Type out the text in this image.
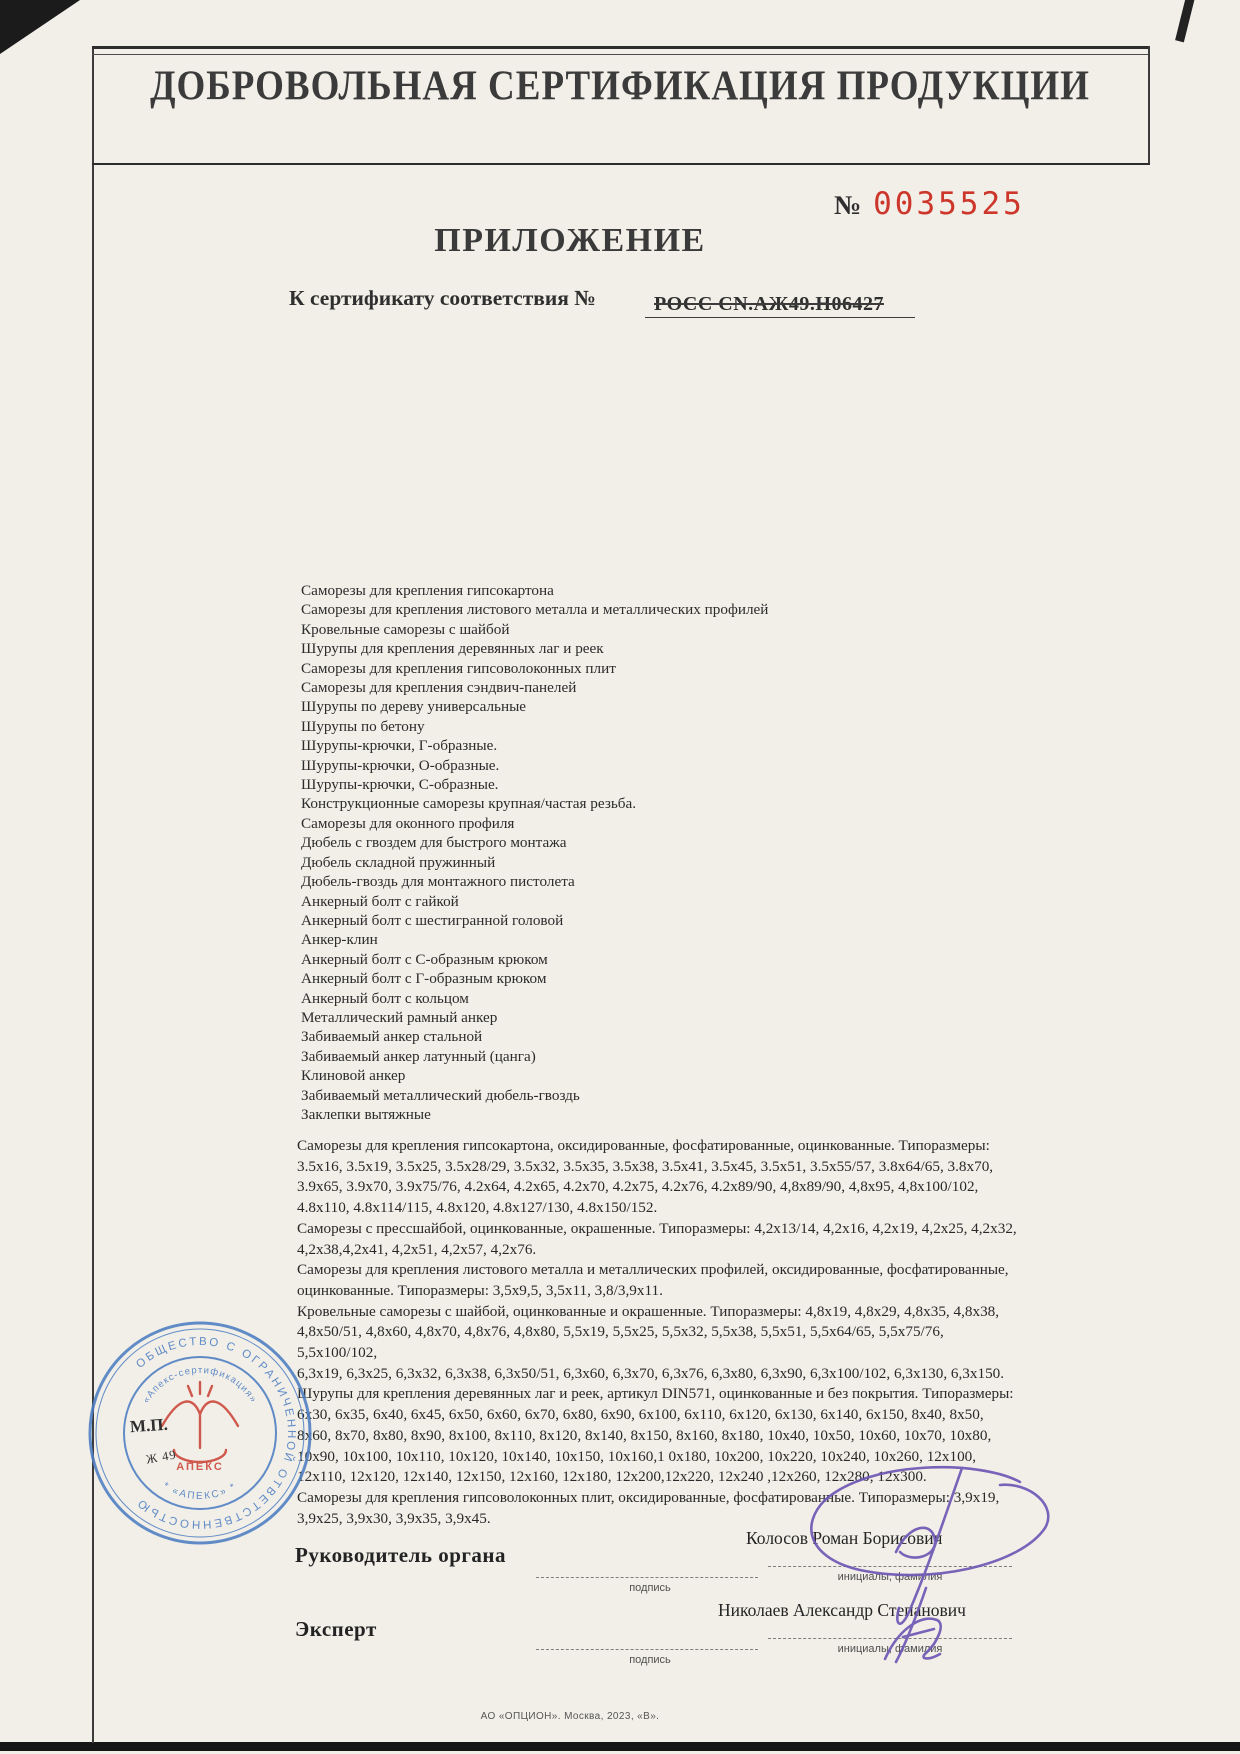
ДОБРОВОЛЬНАЯ СЕРТИФИКАЦИЯ ПРОДУКЦИИ
№ 0035525
ПРИЛОЖЕНИЕ
К сертификату соответствия №	РОСС CN.АЖ49.Н06427
Саморезы для крепления гипсокартона
Саморезы для крепления листового металла и металлических профилей
Кровельные саморезы с шайбой
Шурупы для крепления деревянных лаг и реек
Саморезы для крепления гипсоволоконных плит
Саморезы для крепления сэндвич-панелей
Шурупы по дереву универсальные
Шурупы по бетону
Шурупы-крючки, Г-образные.
Шурупы-крючки, О-образные.
Шурупы-крючки, С-образные.
Конструкционные саморезы крупная/частая резьба.
Саморезы для оконного профиля
Дюбель с гвоздем для быстрого монтажа
Дюбель складной пружинный
Дюбель-гвоздь для монтажного пистолета
Анкерный болт с гайкой
Анкерный болт с шестигранной головой
Анкер-клин
Анкерный болт с С-образным крюком
Анкерный болт с Г-образным крюком
Анкерный болт с кольцом
Металлический рамный анкер
Забиваемый анкер стальной
Забиваемый анкер латунный (цанга)
Клиновой анкер
Забиваемый металлический дюбель-гвоздь
Заклепки вытяжные

Саморезы для крепления гипсокартона, оксидированные, фосфатированные, оцинкованные. Типоразмеры: 3.5х16, 3.5х19, 3.5х25, 3.5х28/29, 3.5х32, 3.5х35, 3.5х38, 3.5х41, 3.5х45, 3.5х51, 3.5х55/57, 3.8х64/65, 3.8х70, 3.9х65, 3.9х70, 3.9х75/76, 4.2х64, 4.2х65, 4.2х70, 4.2х75, 4.2х76, 4.2х89/90, 4,8х89/90, 4,8х95, 4,8х100/102, 4.8х110, 4.8х114/115, 4.8х120, 4.8х127/130, 4.8х150/152.

Саморезы с прессшайбой, оцинкованные, окрашенные. Типоразмеры: 4,2х13/14, 4,2х16, 4,2х19, 4,2х25, 4,2х32, 4,2х38,4,2х41, 4,2х51, 4,2х57, 4,2х76.

Саморезы для крепления листового металла и металлических профилей, оксидированные, фосфатированные, оцинкованные. Типоразмеры: 3,5х9,5, 3,5х11, 3,8/3,9х11.

Кровельные саморезы с шайбой, оцинкованные и окрашенные. Типоразмеры: 4,8х19, 4,8х29, 4,8х35, 4,8х38, 4,8х50/51, 4,8х60, 4,8х70, 4,8х76, 4,8х80, 5,5х19, 5,5х25, 5,5х32, 5,5х38, 5,5х51, 5,5х64/65, 5,5х75/76, 5,5х100/102,

6,3х19, 6,3х25, 6,3х32, 6,3х38, 6,3х50/51, 6,3х60, 6,3х70, 6,3х76, 6,3х80, 6,3х90, 6,3х100/102, 6,3х130, 6,3х150.

Шурупы для крепления деревянных лаг и реек, артикул DIN571, оцинкованные и без покрытия. Типоразмеры: 6х30, 6х35, 6х40, 6х45, 6х50, 6х60, 6х70, 6х80, 6х90, 6х100, 6х110, 6х120, 6х130, 6х140, 6х150, 8х40, 8х50, 8х60, 8х70, 8х80, 8х90, 8х100, 8х110, 8х120, 8х140, 8х150, 8х160, 8х180, 10х40, 10х50, 10х60, 10х70, 10х80, 10х90, 10х100, 10х110, 10х120, 10х140, 10х150, 10х160,1 0х180, 10х200, 10х220, 10х240, 10х260, 12х100, 12х110, 12х120, 12х140, 12х150, 12х160, 12х180, 12х200,12х220, 12х240 ,12х260, 12х280, 12х300.

Саморезы для крепления гипсоволоконных плит, оксидированные, фосфатированные. Типоразмеры: 3,9х19, 3,9х25, 3,9х30, 3,9х35, 3,9х45.

Руководитель органа
подпись
Колосов Роман Борисович
инициалы, фамилия
Эксперт
подпись
Николаев Александр Степанович
инициалы, фамилия
ОБЩЕСТВО С ОГРАНИЧЕННОЙ ОТВЕТСТВЕННОСТЬЮ
«Апекс-сертификация»
* «АПЕКС» *
АПЕКС
М.П.
Ж 49
АО «ОПЦИОН». Москва, 2023, «В».
